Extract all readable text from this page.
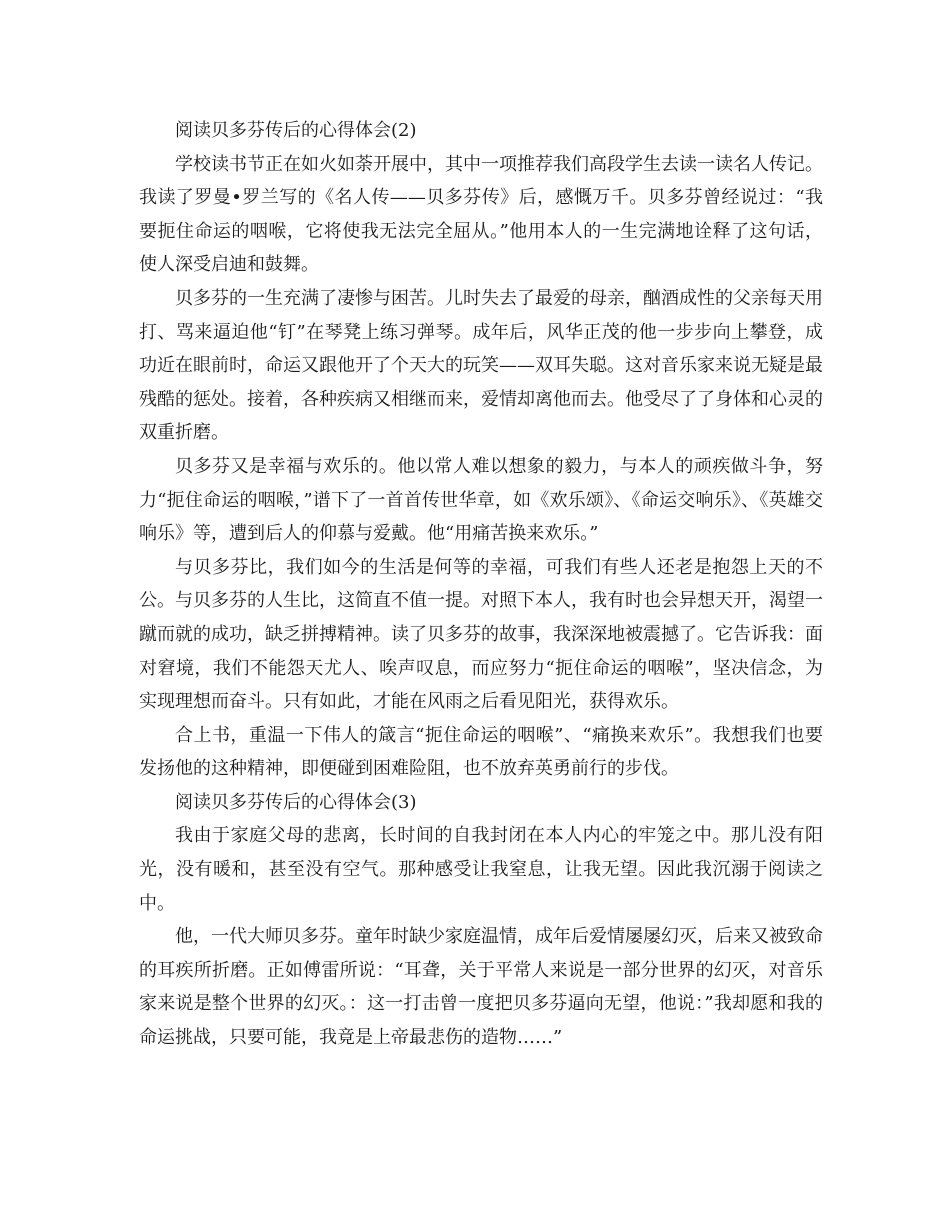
阅读贝多芬传后的心得体会(2)

学校读书节正在如火如荼开展中，其中一项推荐我们高段学生去读一读名人传记。我读了罗曼•罗兰写的《名人传——贝多芬传》后，感慨万千。贝多芬曾经说过：“我要扼住命运的咽喉，它将使我无法完全屈从。”他用本人的一生完满地诠释了这句话，使人深受启迪和鼓舞。

贝多芬的一生充满了凄惨与困苦。儿时失去了最爱的母亲，酗酒成性的父亲每天用打、骂来逼迫他“钉”在琴凳上练习弹琴。成年后，风华正茂的他一步步向上攀登，成功近在眼前时，命运又跟他开了个天大的玩笑——双耳失聪。这对音乐家来说无疑是最残酷的惩处。接着，各种疾病又相继而来，爱情却离他而去。他受尽了了身体和心灵的双重折磨。

贝多芬又是幸福与欢乐的。他以常人难以想象的毅力，与本人的顽疾做斗争，努力“扼住命运的咽喉，”谱下了一首首传世华章，如《欢乐颂》、《命运交响乐》、《英雄交响乐》等，遭到后人的仰慕与爱戴。他“用痛苦换来欢乐。”

与贝多芬比，我们如今的生活是何等的幸福，可我们有些人还老是抱怨上天的不公。与贝多芬的人生比，这简直不值一提。对照下本人，我有时也会异想天开，渴望一蹴而就的成功，缺乏拼搏精神。读了贝多芬的故事，我深深地被震撼了。它告诉我：面对窘境，我们不能怨天尤人、唉声叹息，而应努力“扼住命运的咽喉”，坚决信念，为实现理想而奋斗。只有如此，才能在风雨之后看见阳光，获得欢乐。

合上书，重温一下伟人的箴言“扼住命运的咽喉”、“痛换来欢乐”。我想我们也要发扬他的这种精神，即便碰到困难险阻，也不放弃英勇前行的步伐。

阅读贝多芬传后的心得体会(3)

我由于家庭父母的悲离，长时间的自我封闭在本人内心的牢笼之中。那儿没有阳光，没有暖和，甚至没有空气。那种感受让我窒息，让我无望。因此我沉溺于阅读之中。

他，一代大师贝多芬。童年时缺少家庭温情，成年后爱情屡屡幻灭，后来又被致命的耳疾所折磨。正如傅雷所说：“耳聋，关于平常人来说是一部分世界的幻灭，对音乐家来说是整个世界的幻灭。：这一打击曾一度把贝多芬逼向无望，他说：”我却愿和我的命运挑战，只要可能，我竟是上帝最悲伤的造物……”
